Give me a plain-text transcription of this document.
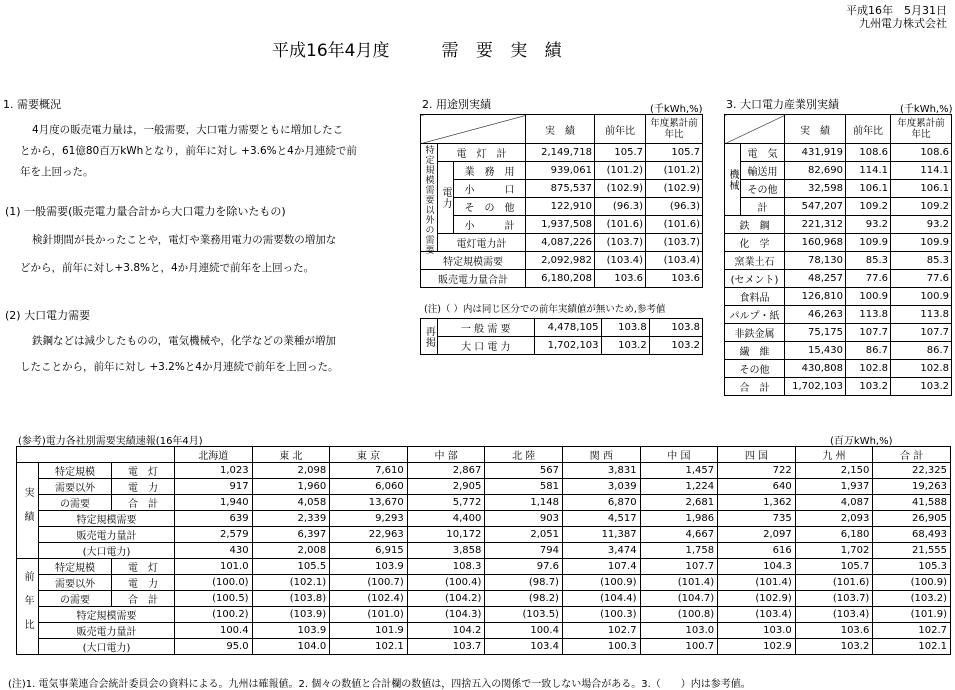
平成16年　5月31日
九州電力株式会社
平成16年4月度	需 要 実 績
1. 需要概況
4月度の販売電力量は，一般需要，大口電力需要ともに増加したこ
とから，61億80百万kWhとなり，前年に対し +3.6%と4か月連続で前
年を上回った。
(1) 一般需要(販売電力量合計から大口電力を除いたもの)
検針期間が長かったことや，電灯や業務用電力の需要数の増加な
どから，前年に対し+3.8%と，4か月連続で前年を上回った。
(2) 大口電力需要
鉄鋼などは減少したものの，電気機械や，化学などの業種が増加
したことから，前年に対し +3.2%と4か月連続で前年を上回った。
2. 用途別実績	(千kWh,%)
			実　績	前年比	年度累計前年比
特定規模需要以外の需要	電　灯　計		2,149,718	105.7	105.7
	電力	業　務　用	939,061	(101.2)	(101.2)
		小　　　口	875,537	(102.9)	(102.9)
		そ　の　他	122,910	(96.3)	(96.3)
		小　　　計	1,937,508	(101.6)	(101.6)
	電灯電力計		4,087,226	(103.7)	(103.7)
特定規模需要			2,092,982	(103.4)	(103.4)
販売電力量合計			6,180,208	103.6	103.6
(注)（ ）内は同じ区分での前年実績値が無いため,参考値
再掲	一 般 需 要	4,478,105	103.8	103.8
	大 口 電 力	1,702,103	103.2	103.2
3. 大口電力産業別実績	(千kWh,%)
		実　績	前年比	年度累計前年比
機械	電　気	431,919	108.6	108.6
	輸送用	82,690	114.1	114.1
	その他	32,598	106.1	106.1
	計	547,207	109.2	109.2
鉄　鋼		221,312	93.2	93.2
化　学		160,968	109.9	109.9
窯業土石		78,130	85.3	85.3
(セメント)		48,257	77.6	77.6
食料品		126,810	100.9	100.9
パルプ・紙		46,263	113.8	113.8
非鉄金属		75,175	107.7	107.7
繊　維		15,430	86.7	86.7
その他		430,808	102.8	102.8
合　計		1,702,103	103.2	103.2
(参考)電力各社別需要実績速報(16年4月)	(百万kWh,%)
			北海道	東 北	東 京	中 部	北 陸	関 西	中 国	四 国	九 州	合 計
実績	特定規模	電　灯	1,023	2,098	7,610	2,867	567	3,831	1,457	722	2,150	22,325
	需要以外	電　力	917	1,960	6,060	2,905	581	3,039	1,224	640	1,937	19,263
	の需要	合　計	1,940	4,058	13,670	5,772	1,148	6,870	2,681	1,362	4,087	41,588
	特定規模需要		639	2,339	9,293	4,400	903	4,517	1,986	735	2,093	26,905
	販売電力量計		2,579	6,397	22,963	10,172	2,051	11,387	4,667	2,097	6,180	68,493
	(大口電力)		430	2,008	6,915	3,858	794	3,474	1,758	616	1,702	21,555
前年比	特定規模	電　灯	101.0	105.5	103.9	108.3	97.6	107.4	107.7	104.3	105.7	105.3
	需要以外	電　力	(100.0)	(102.1)	(100.7)	(100.4)	(98.7)	(100.9)	(101.4)	(101.4)	(101.6)	(100.9)
	の需要	合　計	(100.5)	(103.8)	(102.4)	(104.2)	(98.2)	(104.4)	(104.7)	(102.9)	(103.7)	(103.2)
	特定規模需要		(100.2)	(103.9)	(101.0)	(104.3)	(103.5)	(100.3)	(100.8)	(103.4)	(103.4)	(101.9)
	販売電力量計		100.4	103.9	101.9	104.2	100.4	102.7	103.0	103.0	103.6	102.7
	(大口電力)		95.0	104.0	102.1	103.7	103.4	100.3	100.7	102.9	103.2	102.1
(注)1. 電気事業連合会統計委員会の資料による。九州は確報値。2. 個々の数値と合計欄の数値は，四捨五入の関係で一致しない場合がある。3.（　　）内は参考値。
